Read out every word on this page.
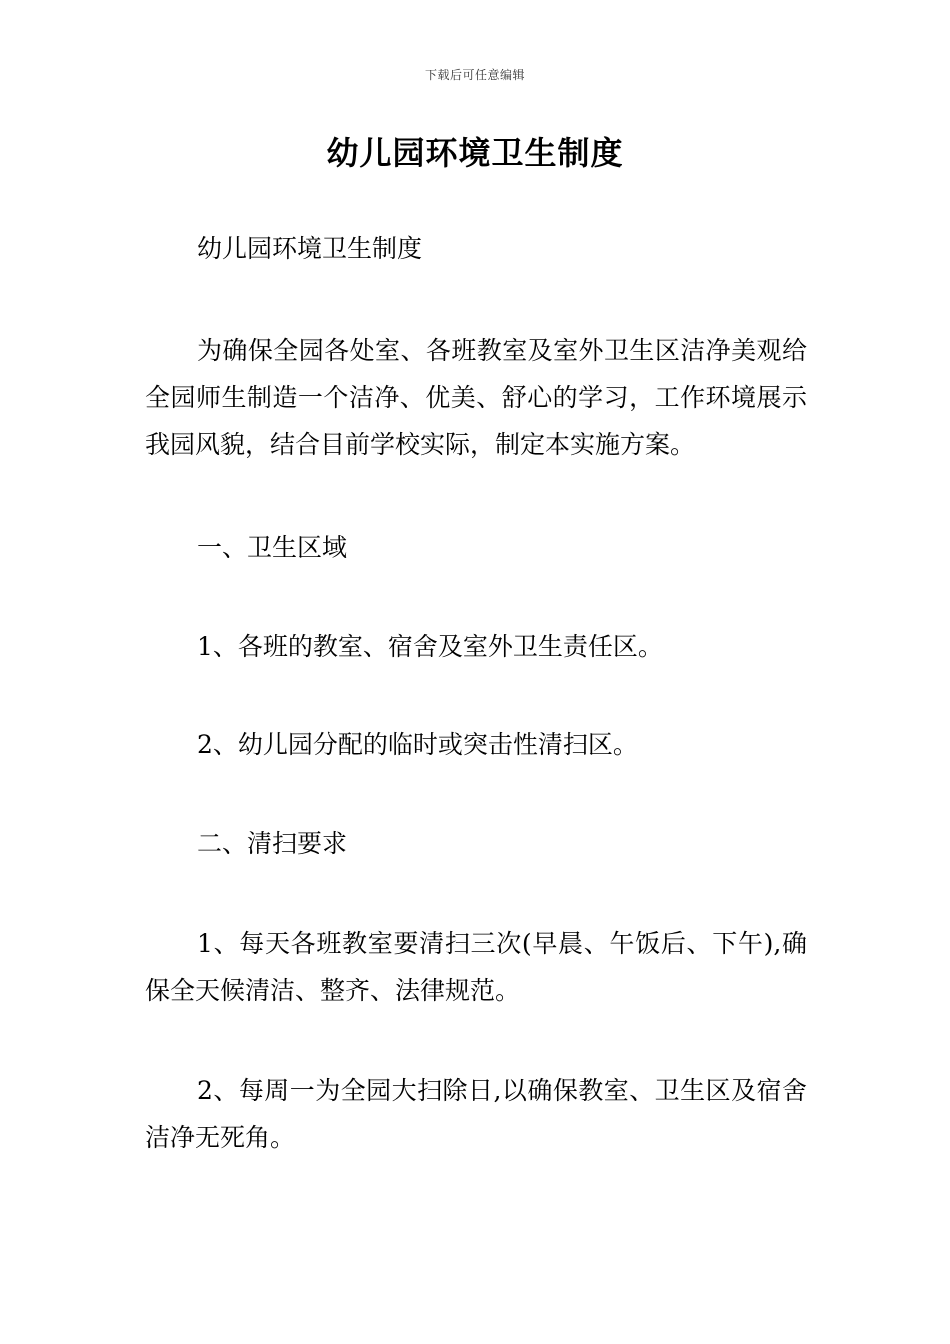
下载后可任意编辑
幼儿园环境卫生制度

幼儿园环境卫生制度

为确保全园各处室、各班教室及室外卫生区洁净美观给全园师生制造一个洁净、优美、舒心的学习，工作环境展示我园风貌，结合目前学校实际，制定本实施方案。

一、卫生区域

1、各班的教室、宿舍及室外卫生责任区。

2、幼儿园分配的临时或突击性清扫区。

二、清扫要求

1、每天各班教室要清扫三次(早晨、午饭后、下午),确保全天候清洁、整齐、法律规范。

2、每周一为全园大扫除日,以确保教室、卫生区及宿舍洁净无死角。
